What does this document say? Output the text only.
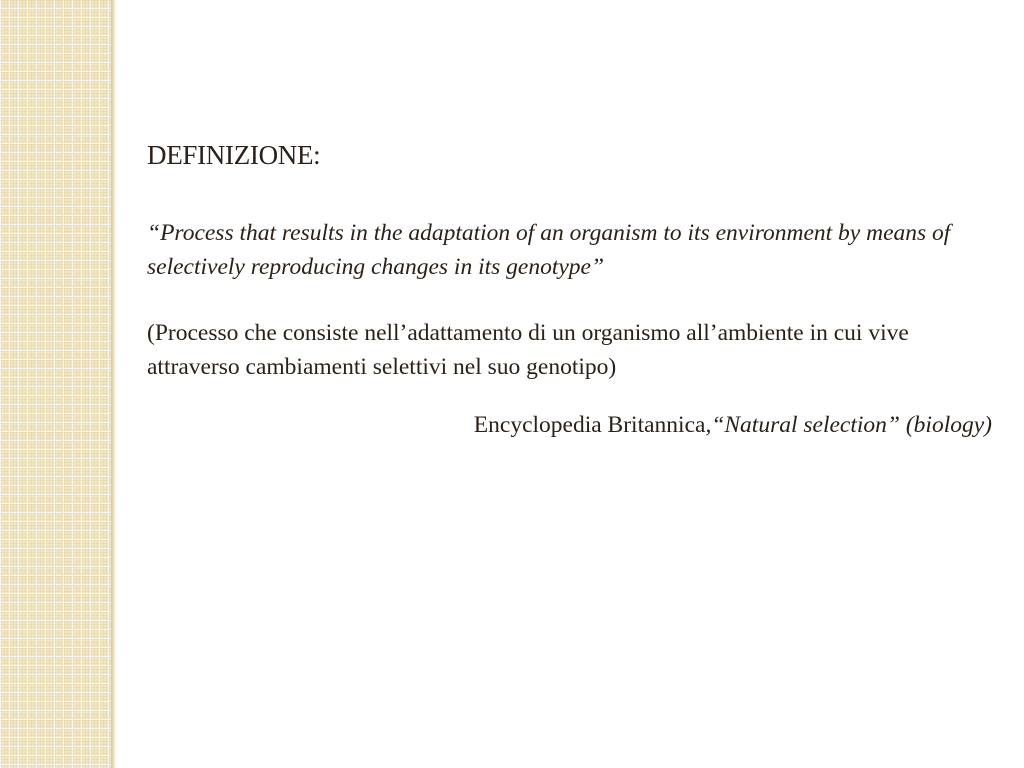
DEFINIZIONE:

“Process that results in the adaptation of an organism to its environment by means of selectively reproducing changes in its genotype”

(Processo che consiste nell’adattamento di un organismo all’ambiente in cui vive attraverso cambiamenti selettivi nel suo genotipo)

Encyclopedia Britannica,“Natural selection” (biology)
